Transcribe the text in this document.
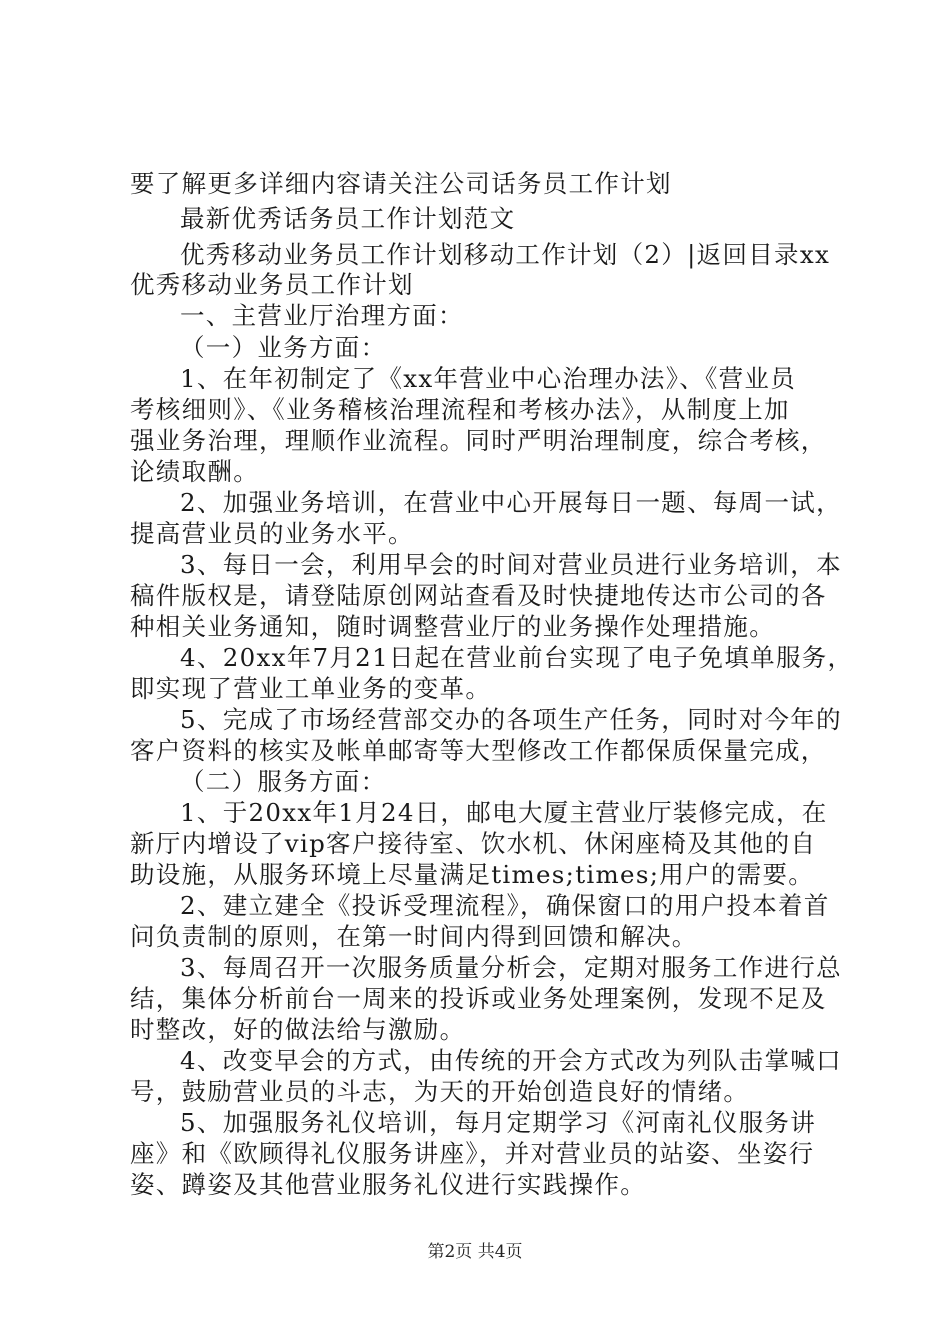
要了解更多详细内容请关注公司话务员工作计划
最新优秀话务员工作计划范文
优秀移动业务员工作计划移动工作计划（2）|返回目录xx
优秀移动业务员工作计划
一、主营业厅治理方面：
（一）业务方面：
1、在年初制定了《xx年营业中心治理办法》、《营业员
考核细则》、《业务稽核治理流程和考核办法》，从制度上加
强业务治理，理顺作业流程。同时严明治理制度，综合考核，
论绩取酬。
2、加强业务培训，在营业中心开展每日一题、每周一试，
提高营业员的业务水平。
3、每日一会，利用早会的时间对营业员进行业务培训，本
稿件版权是，请登陆原创网站查看及时快捷地传达市公司的各
种相关业务通知，随时调整营业厅的业务操作处理措施。
4、20xx年7月21日起在营业前台实现了电子免填单服务，
即实现了营业工单业务的变革。
5、完成了市场经营部交办的各项生产任务，同时对今年的
客户资料的核实及帐单邮寄等大型修改工作都保质保量完成，
（二）服务方面：
1、于20xx年1月24日，邮电大厦主营业厅装修完成，在
新厅内增设了vip客户接待室、饮水机、休闲座椅及其他的自
助设施，从服务环境上尽量满足times;times;用户的需要。
2、建立建全《投诉受理流程》，确保窗口的用户投本着首
问负责制的原则，在第一时间内得到回馈和解决。
3、每周召开一次服务质量分析会，定期对服务工作进行总
结，集体分析前台一周来的投诉或业务处理案例，发现不足及
时整改，好的做法给与激励。
4、改变早会的方式，由传统的开会方式改为列队击掌喊口
号，鼓励营业员的斗志，为天的开始创造良好的情绪。
5、加强服务礼仪培训，每月定期学习《河南礼仪服务讲
座》和《欧顾得礼仪服务讲座》，并对营业员的站姿、坐姿行
姿、蹲姿及其他营业服务礼仪进行实践操作。
第2页 共4页
